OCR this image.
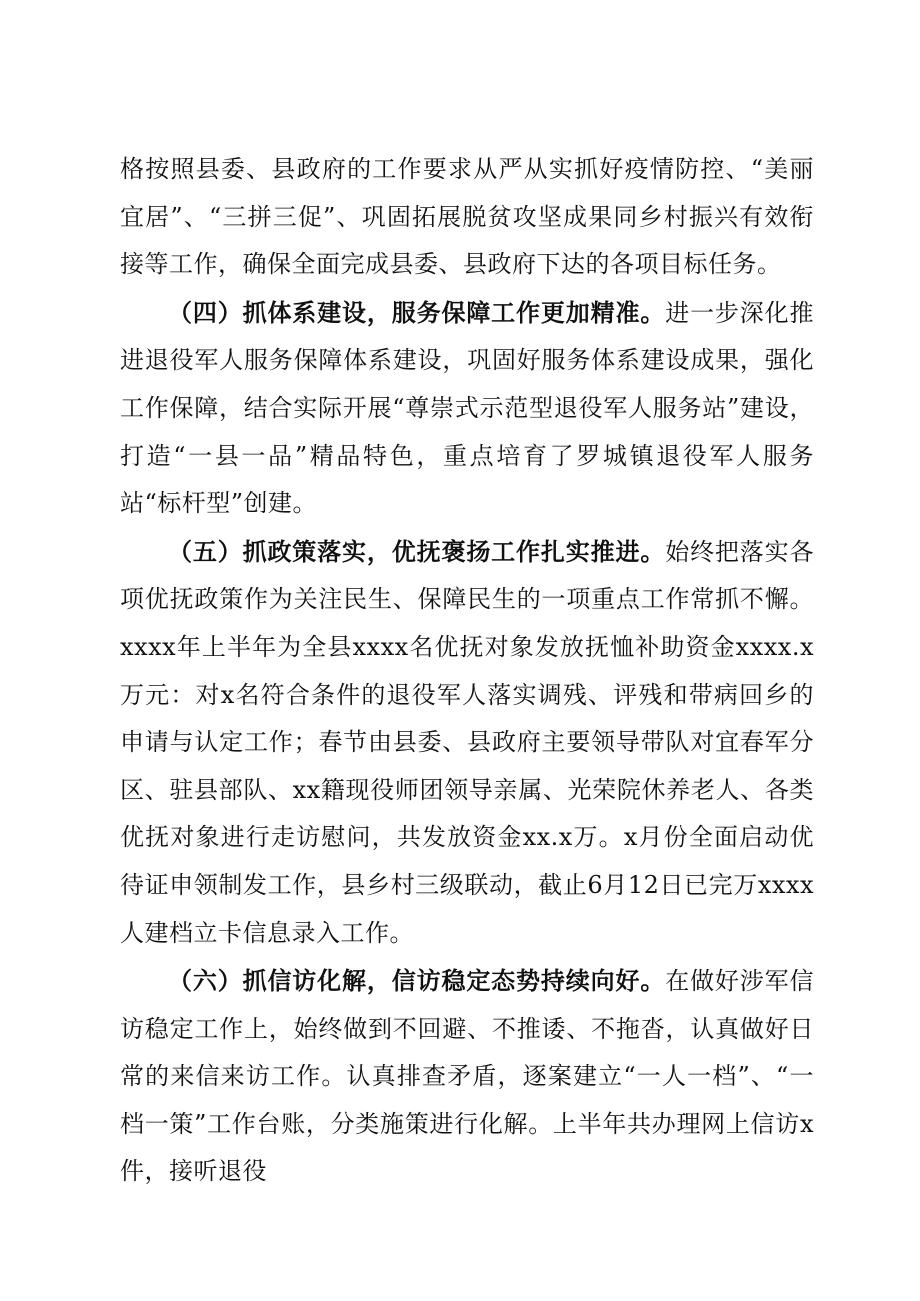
格按照县委、县政府的工作要求从严从实抓好疫情防控、“美丽宜居”、“三拼三促”、巩固拓展脱贫攻坚成果同乡村振兴有效衔接等工作，确保全面完成县委、县政府下达的各项目标任务。

（四）抓体系建设，服务保障工作更加精准。进一步深化推进退役军人服务保障体系建设，巩固好服务体系建设成果，强化工作保障，结合实际开展“尊崇式示范型退役军人服务站”建设，打造“一县一品”精品特色，重点培育了罗城镇退役军人服务站“标杆型”创建。

（五）抓政策落实，优抚褒扬工作扎实推进。始终把落实各项优抚政策作为关注民生、保障民生的一项重点工作常抓不懈。xxxx年上半年为全县xxxx名优抚对象发放抚恤补助资金xxxx.x万元：对x名符合条件的退役军人落实调残、评残和带病回乡的申请与认定工作；春节由县委、县政府主要领导带队对宜春军分区、驻县部队、xx籍现役师团领导亲属、光荣院休养老人、各类优抚对象进行走访慰问，共发放资金xx.x万。x月份全面启动优待证申领制发工作，县乡村三级联动，截止6月12日已完万xxxx人建档立卡信息录入工作。

（六）抓信访化解，信访稳定态势持续向好。在做好涉军信访稳定工作上，始终做到不回避、不推诿、不拖沓，认真做好日常的来信来访工作。认真排查矛盾，逐案建立“一人一档”、“一档一策”工作台账，分类施策进行化解。上半年共办理网上信访x件，接听退役
